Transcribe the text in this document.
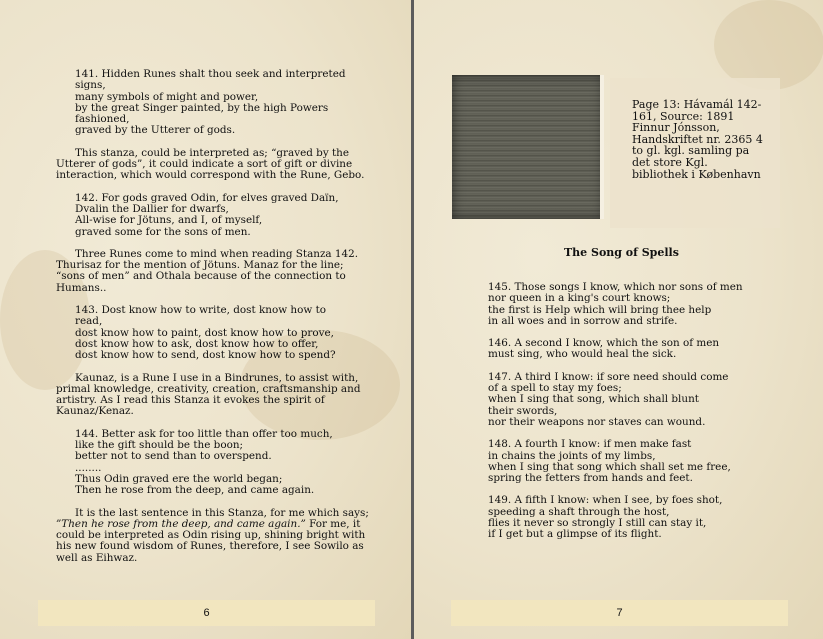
141. Hidden Runes shalt thou seek and interpreted signs,
many symbols of might and power,
by the great Singer painted, by the high Powers fashioned,
graved by the Utterer of gods.
This stanza, could be interpreted as; “graved by the
Utterer of gods”, it could indicate a sort of gift or divine
interaction, which would correspond with the Rune, Gebo.
142. For gods graved Odin, for elves graved Daïn,
Dvalin the Dallier for dwarfs,
All-wise for Jötuns, and I, of myself,
graved some for the sons of men.
Three Runes come to mind when reading Stanza 142.
Thurisaz for the mention of Jötuns. Manaz for the line;
“sons of men” and Othala because of the connection to
Humans..
143. Dost know how to write, dost know how to read,
dost know how to paint, dost know how to prove,
dost know how to ask, dost know how to offer,
dost know how to send, dost know how to spend?
Kaunaz, is a Rune I use in a Bindrunes, to assist with,
primal knowledge, creativity, creation, craftsmanship and
artistry. As I read this Stanza it evokes the spirit of
Kaunaz/Kenaz.
144. Better ask for too little than offer too much,
like the gift should be the boon;
better not to send than to overspend.
........
Thus Odin graved ere the world began;
Then he rose from the deep, and came again.
It is the last sentence in this Stanza, for me which says;
”Then he rose from the deep, and came again.” For me, it
could be interpreted as Odin rising up, shining bright with
his new found wisdom of Runes, therefore, I see Sowilo as
well as Eihwaz.
6
Page 13: Hávamál 142-161, Source: 1891 Finnur Jónsson, Handskriftet nr. 2365 4 to gl. kgl. samling pa det store Kgl. bibliothek i København
The Song of Spells
145. Those songs I know, which nor sons of men
nor queen in a king's court knows;
the first is Help which will bring thee help
in all woes and in sorrow and strife.
146. A second I know, which the son of men
must sing, who would heal the sick.
147. A third I know: if sore need should come
of a spell to stay my foes;
when I sing that song, which shall blunt their swords,
nor their weapons nor staves can wound.
148. A fourth I know: if men make fast
in chains the joints of my limbs,
when I sing that song which shall set me free,
spring the fetters from hands and feet.
149. A fifth I know: when I see, by foes shot,
speeding a shaft through the host,
flies it never so strongly I still can stay it,
if I get but a glimpse of its flight.
7
